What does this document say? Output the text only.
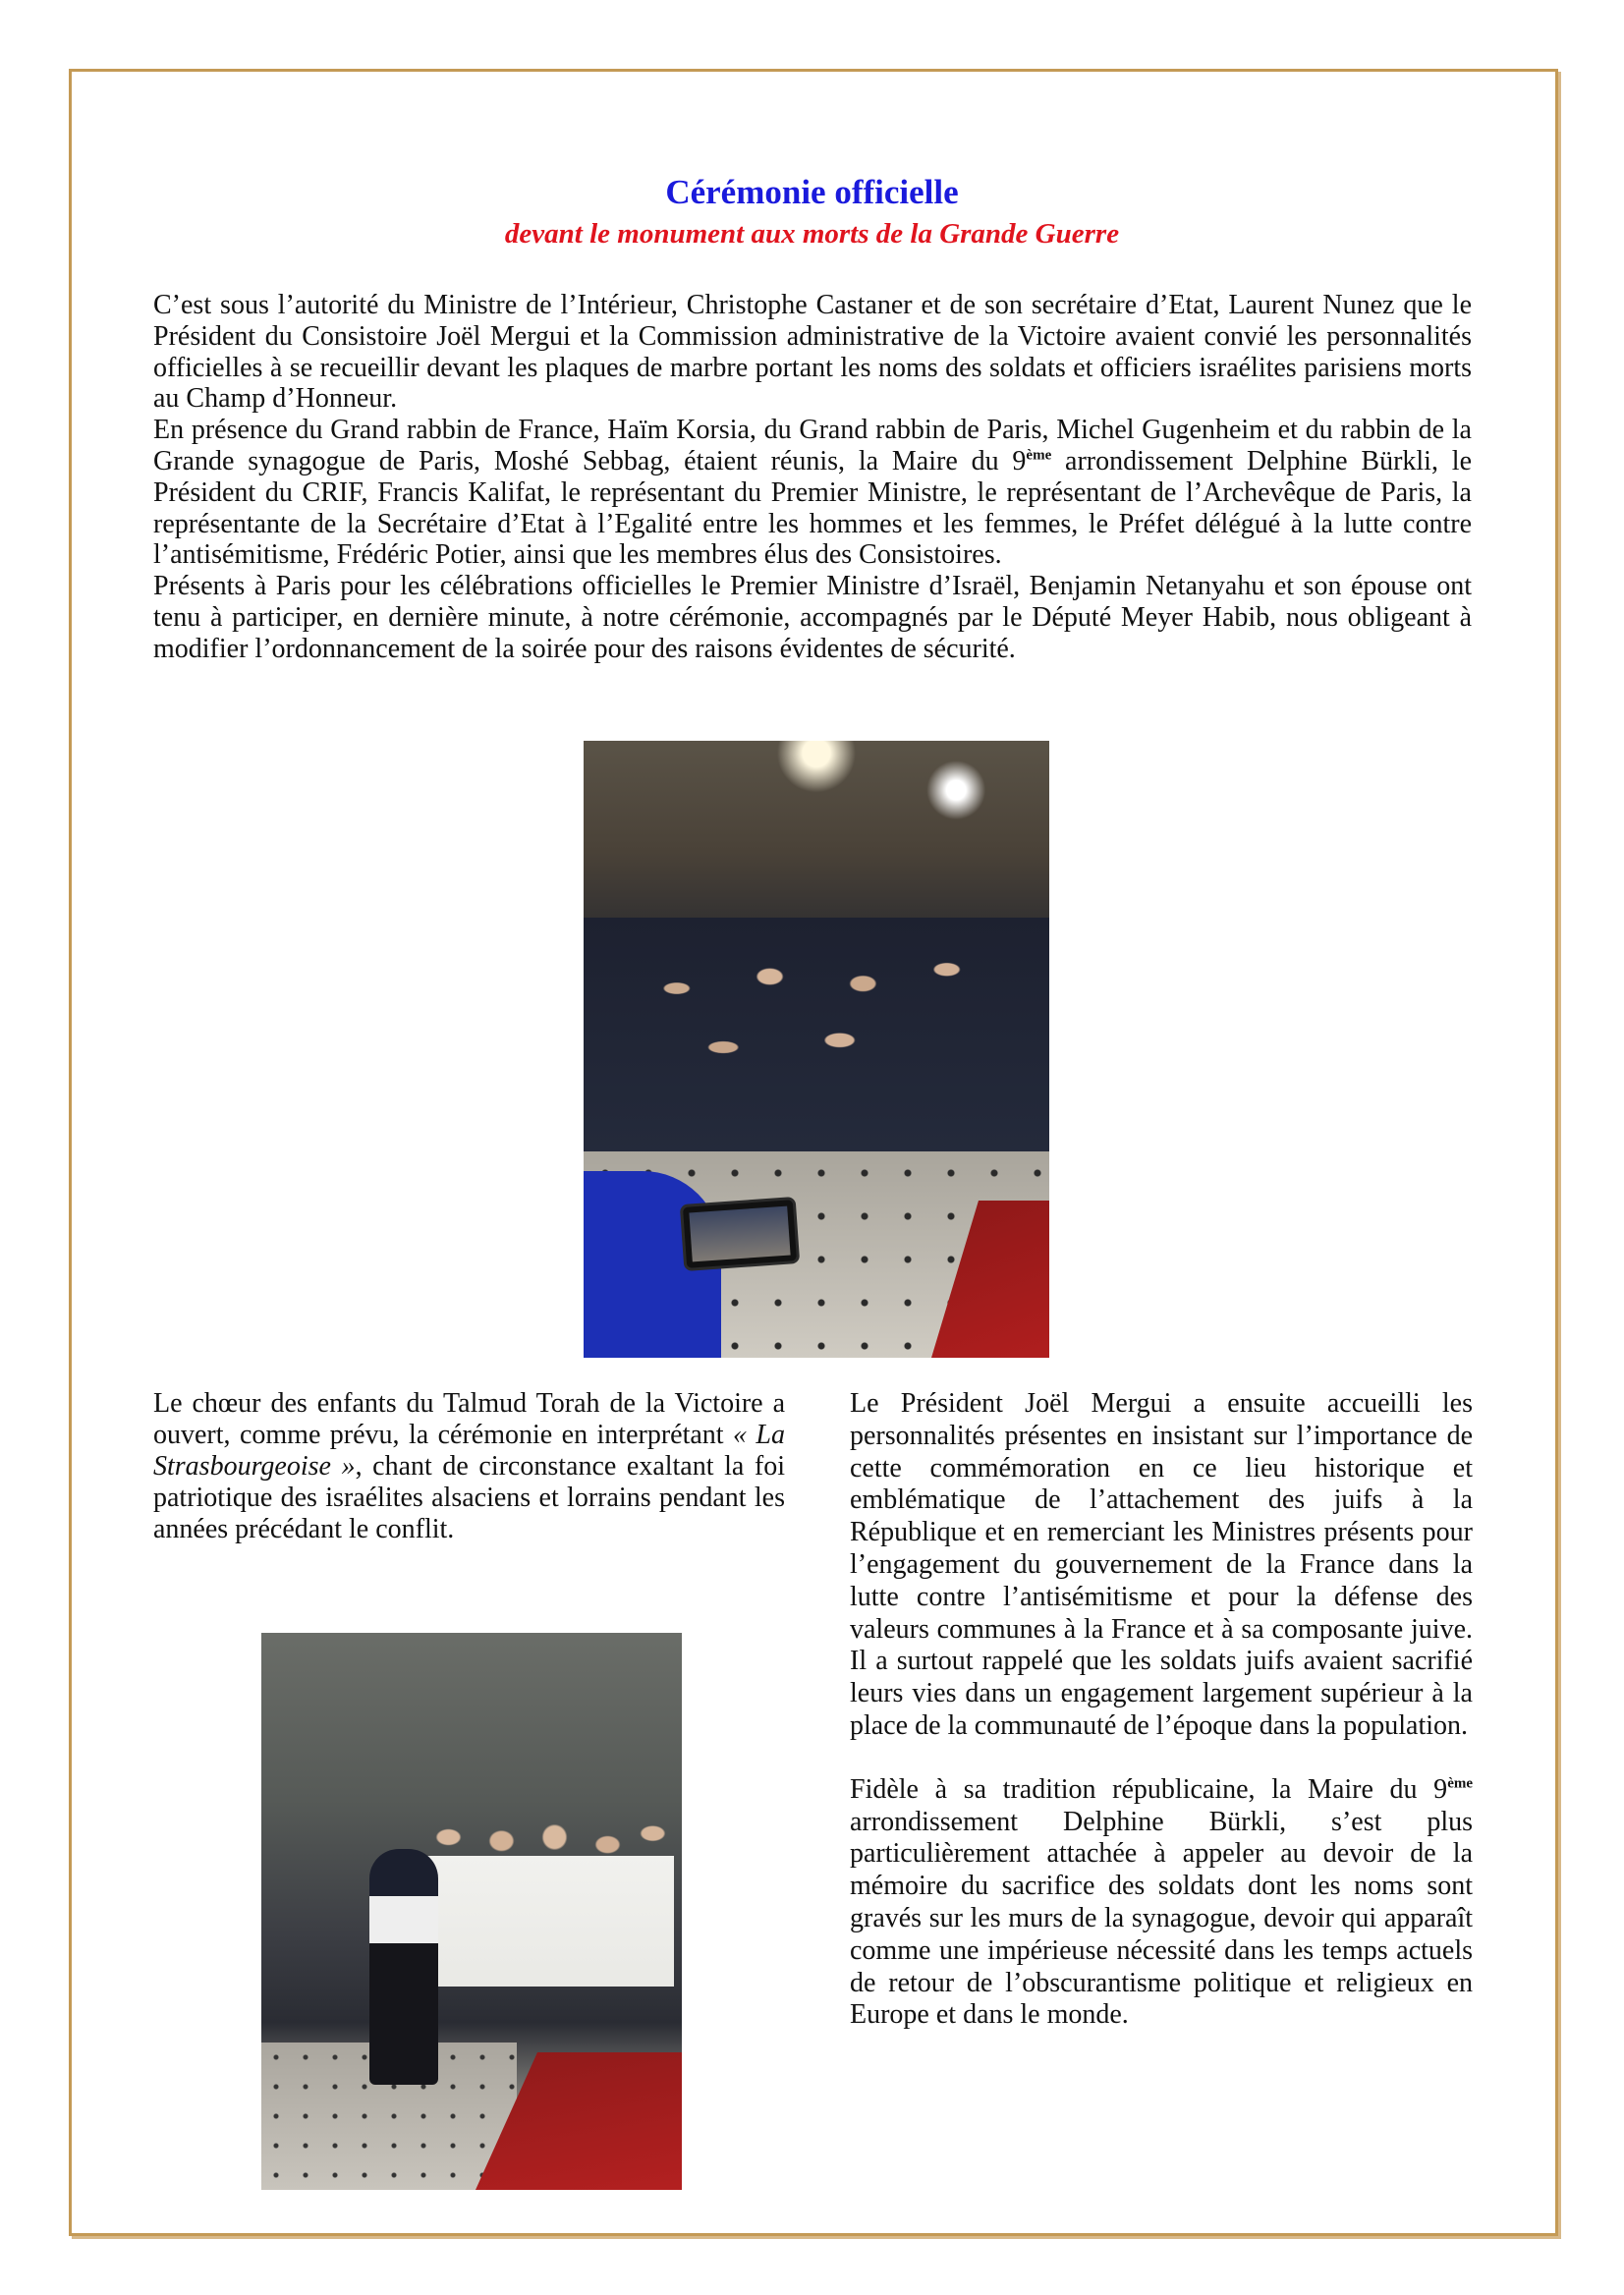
Cérémonie officielle
devant le monument aux morts de la Grande Guerre

C’est sous l’autorité du Ministre de l’Intérieur, Christophe Castaner et de son secrétaire d’Etat, Laurent Nunez que le Président du Consistoire Joël Mergui et la Commission administrative de la Victoire avaient convié les personnalités officielles à se recueillir devant les plaques de marbre portant les noms des soldats et officiers israélites parisiens morts au Champ d’Honneur.

En présence du Grand rabbin de France, Haïm Korsia, du Grand rabbin de Paris, Michel Gugenheim et du rabbin de la Grande synagogue de Paris, Moshé Sebbag, étaient réunis, la Maire du 9ème arrondissement Delphine Bürkli, le Président du CRIF, Francis Kalifat, le représentant du Premier Ministre, le représentant de l’Archevêque de Paris, la représentante de la Secrétaire d’Etat à l’Egalité entre les hommes et les femmes, le Préfet délégué à la lutte contre l’antisémitisme, Frédéric Potier, ainsi que les membres élus des Consistoires.

Présents à Paris pour les célébrations officielles le Premier Ministre d’Israël, Benjamin Netanyahu et son épouse ont tenu à participer, en dernière minute, à notre cérémonie, accompagnés par le Député Meyer Habib, nous obligeant à modifier l’ordonnancement de la soirée pour des raisons évidentes de sécurité.

Le chœur des enfants du Talmud Torah de la Victoire a ouvert, comme prévu, la cérémonie en interprétant « La Strasbourgeoise », chant de circonstance exaltant la foi patriotique des israélites alsaciens et lorrains pendant les années précédant le conflit.

Le Président Joël Mergui a ensuite accueilli les personnalités présentes en insistant sur l’importance de cette commémoration en ce lieu historique et emblématique de l’attachement des juifs à la République et en remerciant les Ministres présents pour l’engagement du gouvernement de la France dans la lutte contre l’antisémitisme et pour la défense des valeurs communes à la France et à sa composante juive. Il a surtout rappelé que les soldats juifs avaient sacrifié leurs vies dans un engagement largement supérieur à la place de la communauté de l’époque dans la population.

Fidèle à sa tradition républicaine, la Maire du 9ème arrondissement Delphine Bürkli, s’est plus particulièrement attachée à appeler au devoir de la mémoire du sacrifice des soldats dont les noms sont gravés sur les murs de la synagogue, devoir qui apparaît comme une impérieuse nécessité dans les temps actuels de retour de l’obscurantisme politique et religieux en Europe et dans le monde.
